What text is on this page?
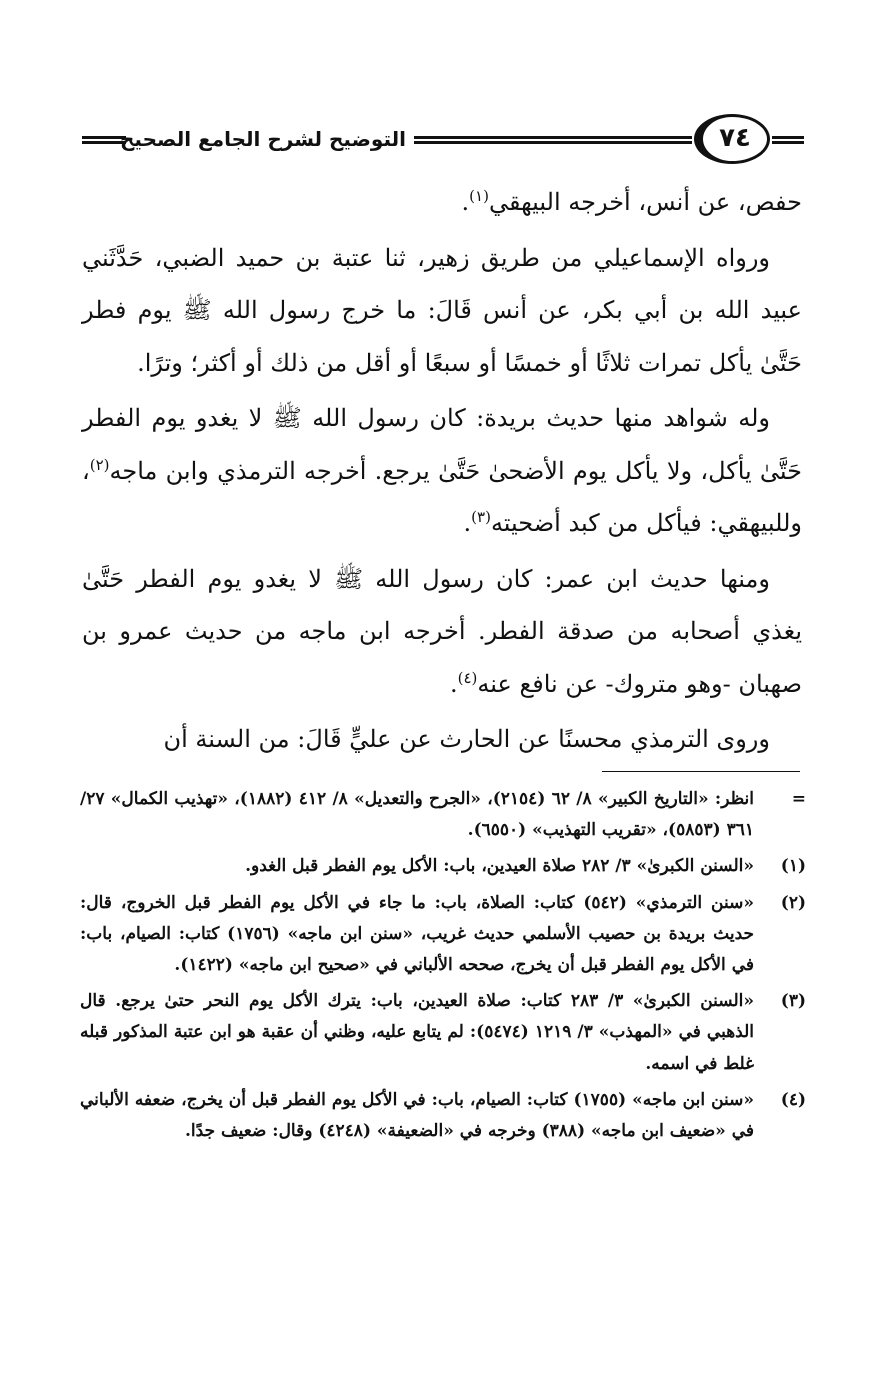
التوضيح لشرح الجامع الصحيح	٧٤

حفص، عن أنس، أخرجه البيهقي$^{(١)}$.

ورواه الإسماعيلي من طريق زهير، ثنا عتبة بن حميد الضبي، حَدَّثَني عبيد الله بن أبي بكر، عن أنس قَالَ: ما خرج رسول الله ﷺ يوم فطر حَتَّىٰ يأكل تمرات ثلاثًا أو خمسًا أو سبعًا أو أقل من ذلك أو أكثر؛ وترًا.

وله شواهد منها حديث بريدة: كان رسول الله ﷺ لا يغدو يوم الفطر حَتَّىٰ يأكل، ولا يأكل يوم الأضحىٰ حَتَّىٰ يرجع. أخرجه الترمذي وابن ماجه$^{(٢)}$، وللبيهقي: فيأكل من كبد أضحيته$^{(٣)}$.

ومنها حديث ابن عمر: كان رسول الله ﷺ لا يغدو يوم الفطر حَتَّىٰ يغذي أصحابه من صدقة الفطر. أخرجه ابن ماجه من حديث عمرو بن صهبان -وهو متروك- عن نافع عنه$^{(٤)}$.

وروى الترمذي محسنًا عن الحارث عن عليٍّ قَالَ: من السنة أن

=
انظر: «التاريخ الكبير» ٨/ ٦٢ (٢١٥٤)، «الجرح والتعديل» ٨/ ٤١٢ (١٨٨٢)، «تهذيب الكمال» ٢٧/ ٣٦١ (٥٨٥٣)، «تقريب التهذيب» (٦٥٥٠).
(١)
«السنن الكبرىٰ» ٣/ ٢٨٢ صلاة العيدين، باب: الأكل يوم الفطر قبل الغدو.
(٢)
«سنن الترمذي» (٥٤٢) كتاب: الصلاة، باب: ما جاء في الأكل يوم الفطر قبل الخروج، قال: حديث بريدة بن حصيب الأسلمي حديث غريب، «سنن ابن ماجه» (١٧٥٦) كتاب: الصيام، باب: في الأكل يوم الفطر قبل أن يخرج، صححه الألباني في «صحيح ابن ماجه» (١٤٢٢).
(٣)
«السنن الكبرىٰ» ٣/ ٢٨٣ كتاب: صلاة العيدين، باب: يترك الأكل يوم النحر حتىٰ يرجع. قال الذهبي في «المهذب» ٣/ ١٢١٩ (٥٤٧٤): لم يتابع عليه، وظني أن عقبة هو ابن عتبة المذكور قبله غلط في اسمه.
(٤)
«سنن ابن ماجه» (١٧٥٥) كتاب: الصيام، باب: في الأكل يوم الفطر قبل أن يخرج، ضعفه الألباني في «ضعيف ابن ماجه» (٣٨٨) وخرجه في «الضعيفة» (٤٢٤٨) وقال: ضعيف جدًا.
